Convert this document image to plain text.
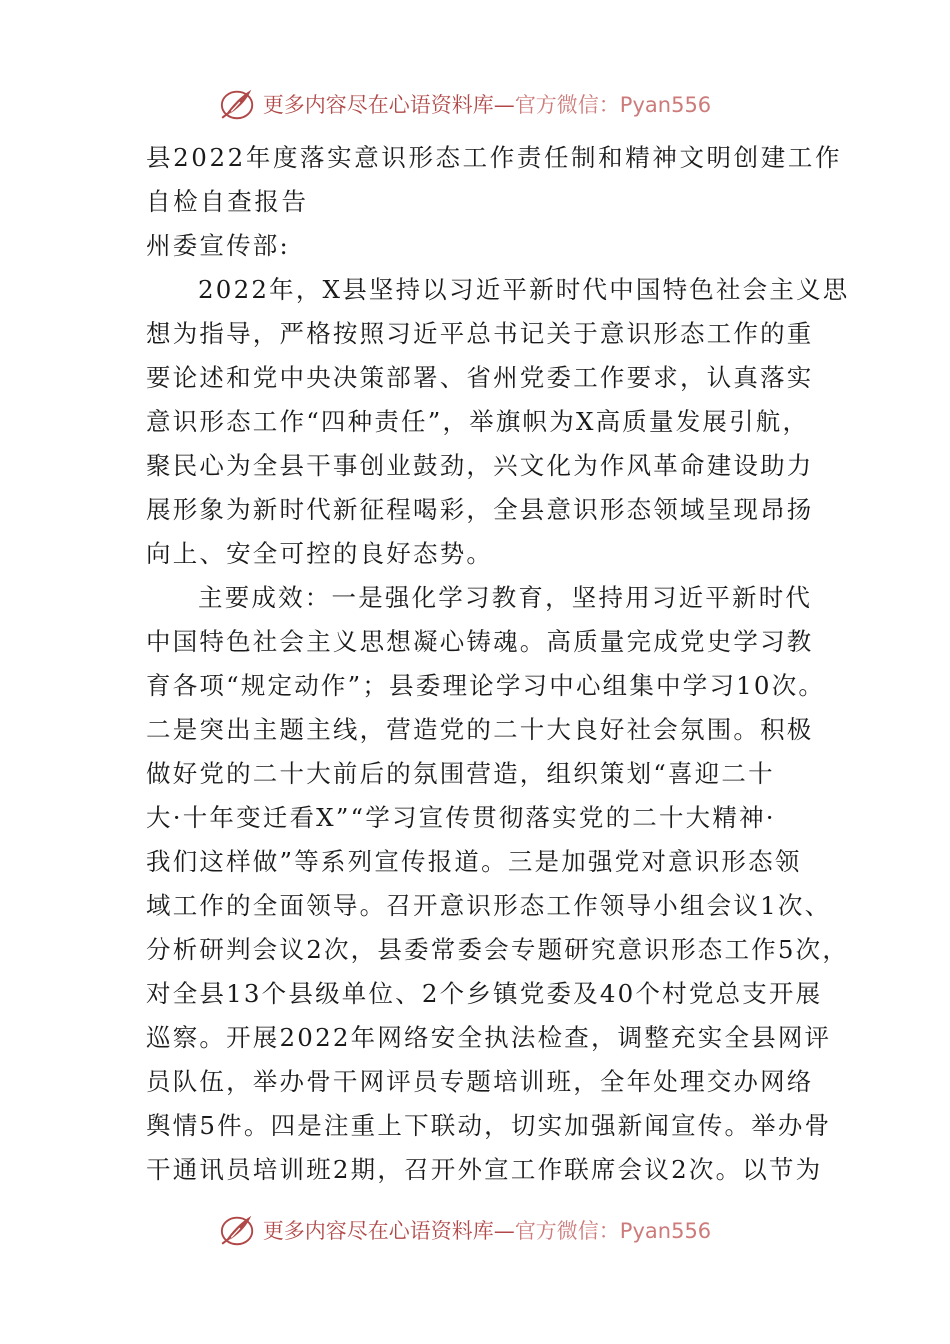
更多内容尽在心语资料库—官方微信：Pyan556
县2022年度落实意识形态工作责任制和精神文明创建工作
自检自查报告
州委宣传部:
2022年，X县坚持以习近平新时代中国特色社会主义思
想为指导，严格按照习近平总书记关于意识形态工作的重
要论述和党中央决策部署、省州党委工作要求，认真落实
意识形态工作“四种责任”，举旗帜为X高质量发展引航，
聚民心为全县干事创业鼓劲，兴文化为作风革命建设助力
展形象为新时代新征程喝彩，全县意识形态领域呈现昂扬
向上、安全可控的良好态势。
主要成效：一是强化学习教育，坚持用习近平新时代
中国特色社会主义思想凝心铸魂。高质量完成党史学习教
育各项“规定动作”；县委理论学习中心组集中学习10次。
二是突出主题主线，营造党的二十大良好社会氛围。积极
做好党的二十大前后的氛围营造，组织策划“喜迎二十
大·十年变迁看X”“学习宣传贯彻落实党的二十大精神·
我们这样做”等系列宣传报道。三是加强党对意识形态领
域工作的全面领导。召开意识形态工作领导小组会议1次、
分析研判会议2次，县委常委会专题研究意识形态工作5次，
对全县13个县级单位、2个乡镇党委及40个村党总支开展
巡察。开展2022年网络安全执法检查，调整充实全县网评
员队伍，举办骨干网评员专题培训班，全年处理交办网络
舆情5件。四是注重上下联动，切实加强新闻宣传。举办骨
干通讯员培训班2期，召开外宣工作联席会议2次。以节为
更多内容尽在心语资料库—官方微信：Pyan556
